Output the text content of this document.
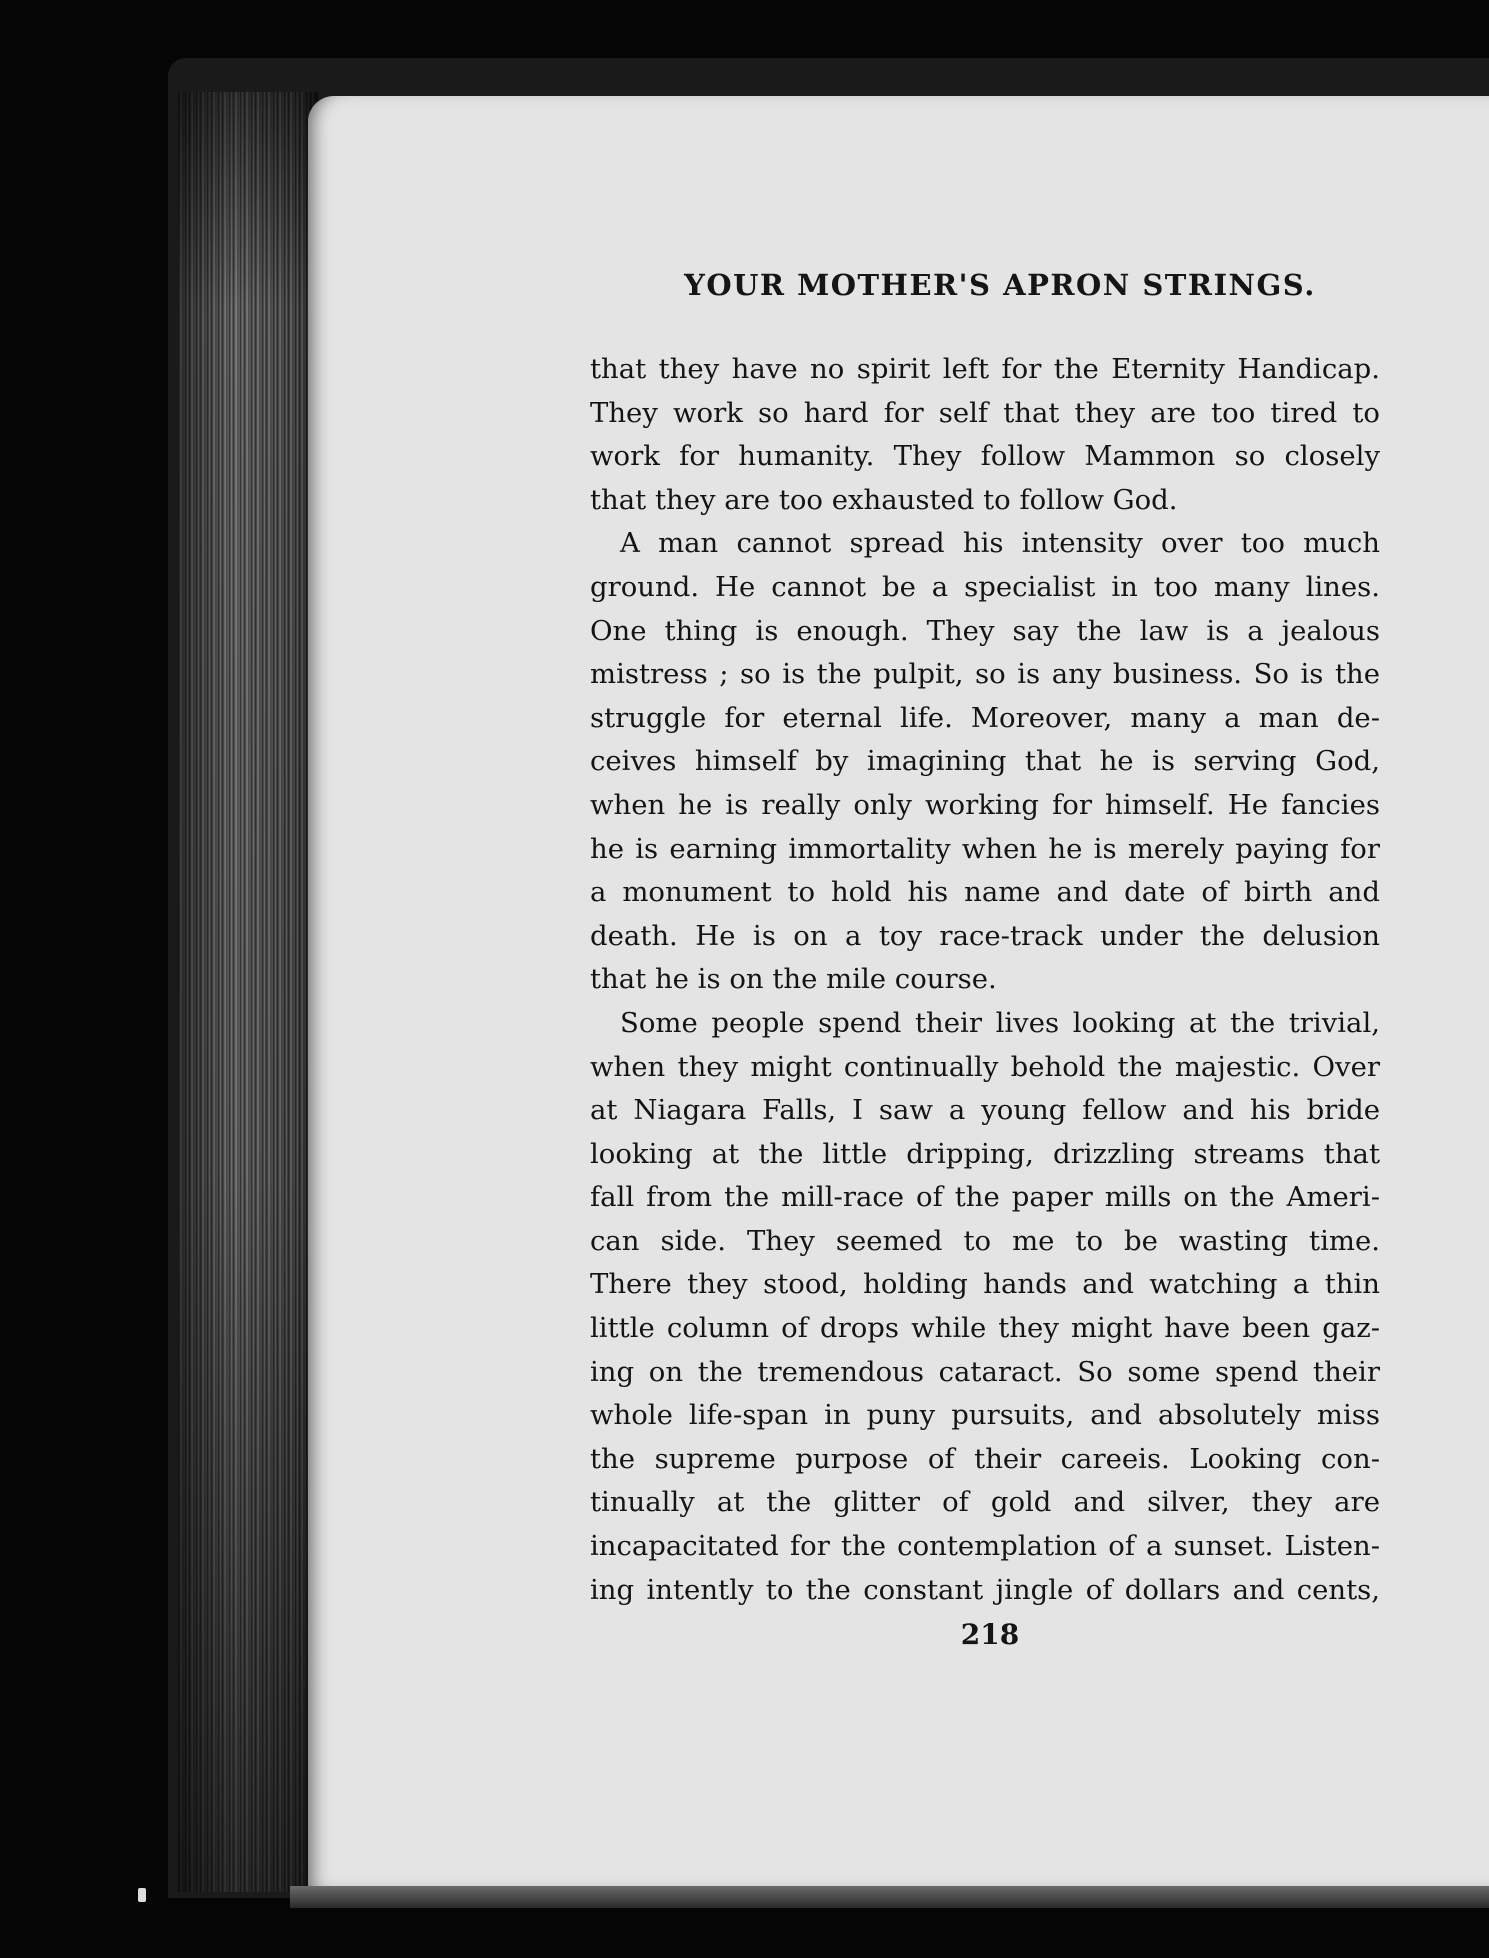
YOUR MOTHER'S APRON STRINGS.
that they have no spirit left for the Eternity Handicap.
They work so hard for self that they are too tired to
work for humanity. They follow Mammon so closely
that they are too exhausted to follow God.
A man cannot spread his intensity over too much
ground. He cannot be a specialist in too many lines.
One thing is enough. They say the law is a jealous
mistress ; so is the pulpit, so is any business. So is the
struggle for eternal life. Moreover, many a man de-
ceives himself by imagining that he is serving God,
when he is really only working for himself. He fancies
he is earning immortality when he is merely paying for
a monument to hold his name and date of birth and
death. He is on a toy race-track under the delusion
that he is on the mile course.
Some people spend their lives looking at the trivial,
when they might continually behold the majestic. Over
at Niagara Falls, I saw a young fellow and his bride
looking at the little dripping, drizzling streams that
fall from the mill-race of the paper mills on the Ameri-
can side. They seemed to me to be wasting time.
There they stood, holding hands and watching a thin
little column of drops while they might have been gaz-
ing on the tremendous cataract. So some spend their
whole life-span in puny pursuits, and absolutely miss
the supreme purpose of their careeis. Looking con-
tinually at the glitter of gold and silver, they are
incapacitated for the contemplation of a sunset. Listen-
ing intently to the constant jingle of dollars and cents,
218
